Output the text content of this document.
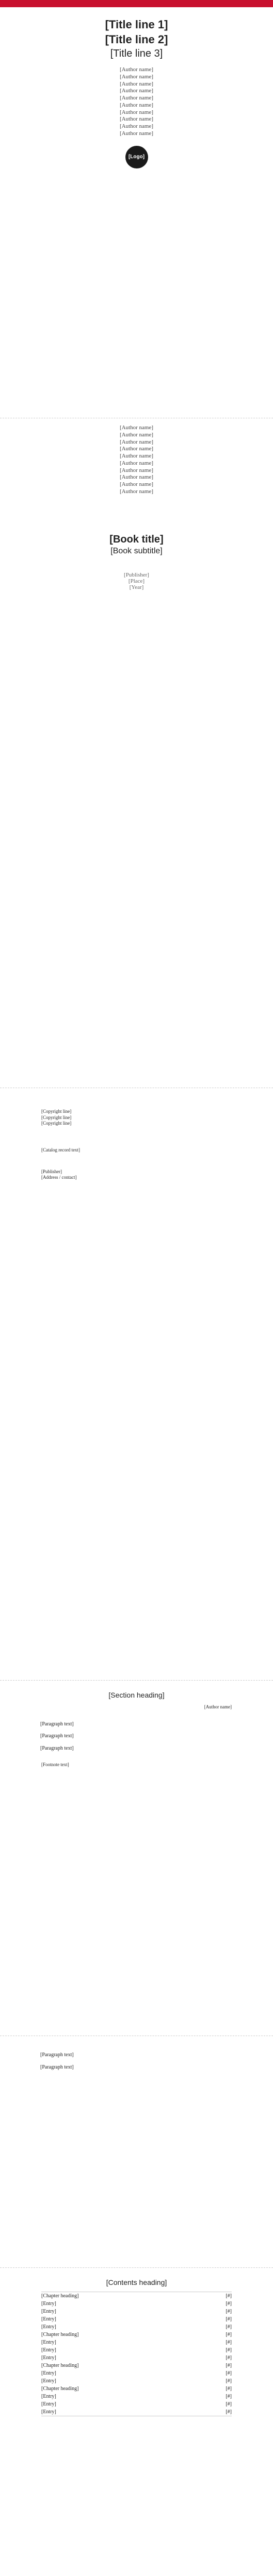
[Title line 1]
[Title line 2]
[Title line 3]
[Author name]
[Author name]
[Author name]
[Author name]
[Author name]
[Author name]
[Author name]
[Author name]
[Author name]
[Author name]
[Logo]
[Author name]
[Author name]
[Author name]
[Author name]
[Author name]
[Author name]
[Author name]
[Author name]
[Author name]
[Author name]
[Book title]
[Book subtitle]
[Publisher]
[Place]
[Year]
[Copyright line]
[Copyright line]
[Copyright line]
[Catalog record text]
[Publisher]
[Address / contact]
[Section heading]
[Author name]

[Paragraph text]

[Paragraph text]

[Paragraph text]

[Footnote text]

[Paragraph text]

[Paragraph text]

[Contents heading]
[Chapter heading]	[#]
[Entry]	[#]
[Entry]	[#]
[Entry]	[#]
[Entry]	[#]
[Chapter heading]	[#]
[Entry]	[#]
[Entry]	[#]
[Entry]	[#]
[Chapter heading]	[#]
[Entry]	[#]
[Entry]	[#]
[Chapter heading]	[#]
[Entry]	[#]
[Entry]	[#]
[Entry]	[#]
